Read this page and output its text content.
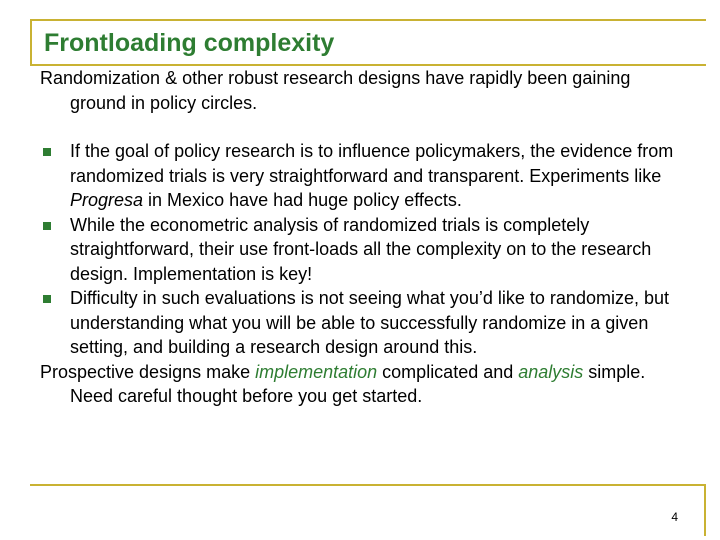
Frontloading complexity

Randomization & other robust research designs have rapidly been gaining ground in policy circles.

If the goal of policy research is to influence policymakers, the evidence from randomized trials is very straightforward and transparent. Experiments like Progresa in Mexico have had huge policy effects.
While the econometric analysis of randomized trials is completely straightforward, their use front-loads all the complexity on to the research design. Implementation is key!
Difficulty in such evaluations is not seeing what you’d like to randomize, but understanding what you will be able to successfully randomize in a given setting, and building a research design around this.

Prospective designs make implementation complicated and analysis simple. Need careful thought before you get started.

4
